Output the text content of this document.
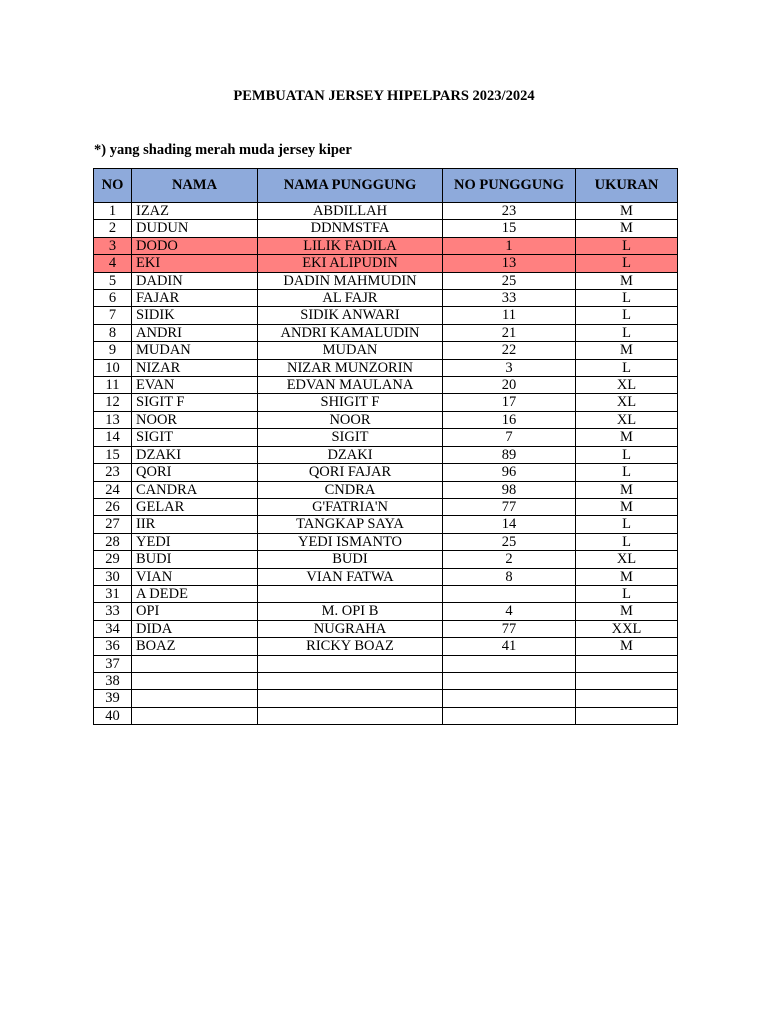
PEMBUATAN JERSEY HIPELPARS 2023/2024
*) yang shading merah muda jersey kiper
NO	NAMA	NAMA PUNGGUNG	NO PUNGGUNG	UKURAN
1	IZAZ	ABDILLAH	23	M
2	DUDUN	DDNMSTFA	15	M
3	DODO	LILIK FADILA	1	L
4	EKI	EKI ALIPUDIN	13	L
5	DADIN	DADIN MAHMUDIN	25	M
6	FAJAR	AL FAJR	33	L
7	SIDIK	SIDIK ANWARI	11	L
8	ANDRI	ANDRI KAMALUDIN	21	L
9	MUDAN	MUDAN	22	M
10	NIZAR	NIZAR MUNZORIN	3	L
11	EVAN	EDVAN MAULANA	20	XL
12	SIGIT F	SHIGIT F	17	XL
13	NOOR	NOOR	16	XL
14	SIGIT	SIGIT	7	M
15	DZAKI	DZAKI	89	L
23	QORI	QORI FAJAR	96	L
24	CANDRA	CNDRA	98	M
26	GELAR	G'FATRIA'N	77	M
27	IIR	TANGKAP SAYA	14	L
28	YEDI	YEDI ISMANTO	25	L
29	BUDI	BUDI	2	XL
30	VIAN	VIAN FATWA	8	M
31	A DEDE			L
33	OPI	M. OPI B	4	M
34	DIDA	NUGRAHA	77	XXL
36	BOAZ	RICKY BOAZ	41	M
37				
38				
39				
40				
